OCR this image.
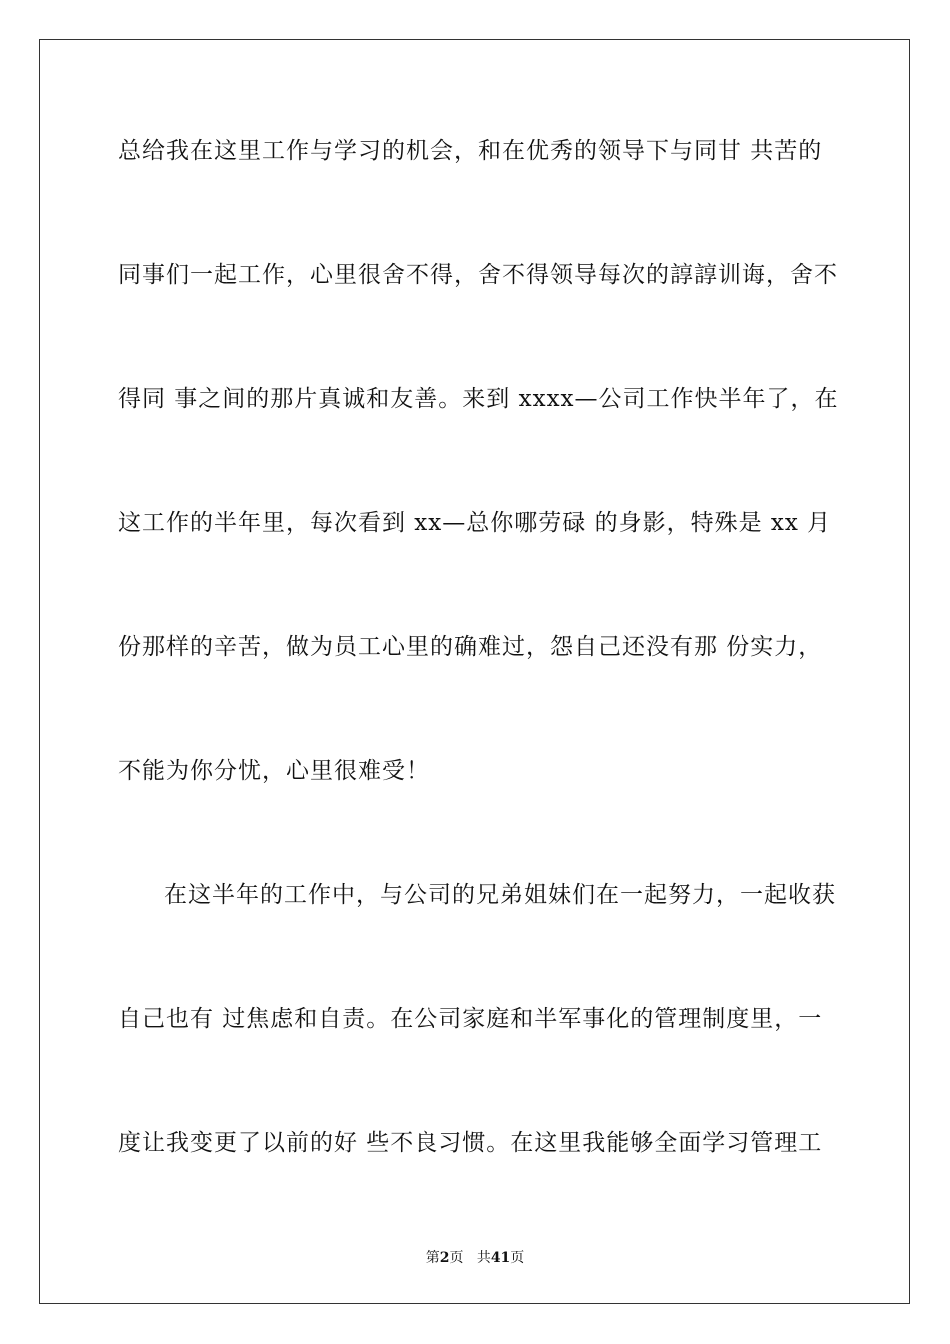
总给我在这里工作与学习的机会，和在优秀的领导下与同甘 共苦的

同事们一起工作，心里很舍不得，舍不得领导每次的諄諄训诲，舍不

得同 事之间的那片真诚和友善。来到 xxxx—公司工作快半年了，在

这工作的半年里，每次看到 xx—总你哪劳碌 的身影，特殊是 xx 月

份那样的辛苦，做为员工心里的确难过，怨自己还没有那 份实力，

不能为你分忧，心里很难受！

在这半年的工作中，与公司的兄弟姐妹们在一起努力，一起收获

自己也有 过焦虑和自责。在公司家庭和半军事化的管理制度里，一

度让我变更了以前的好 些不良习惯。在这里我能够全面学习管理工

第2页 共41页
